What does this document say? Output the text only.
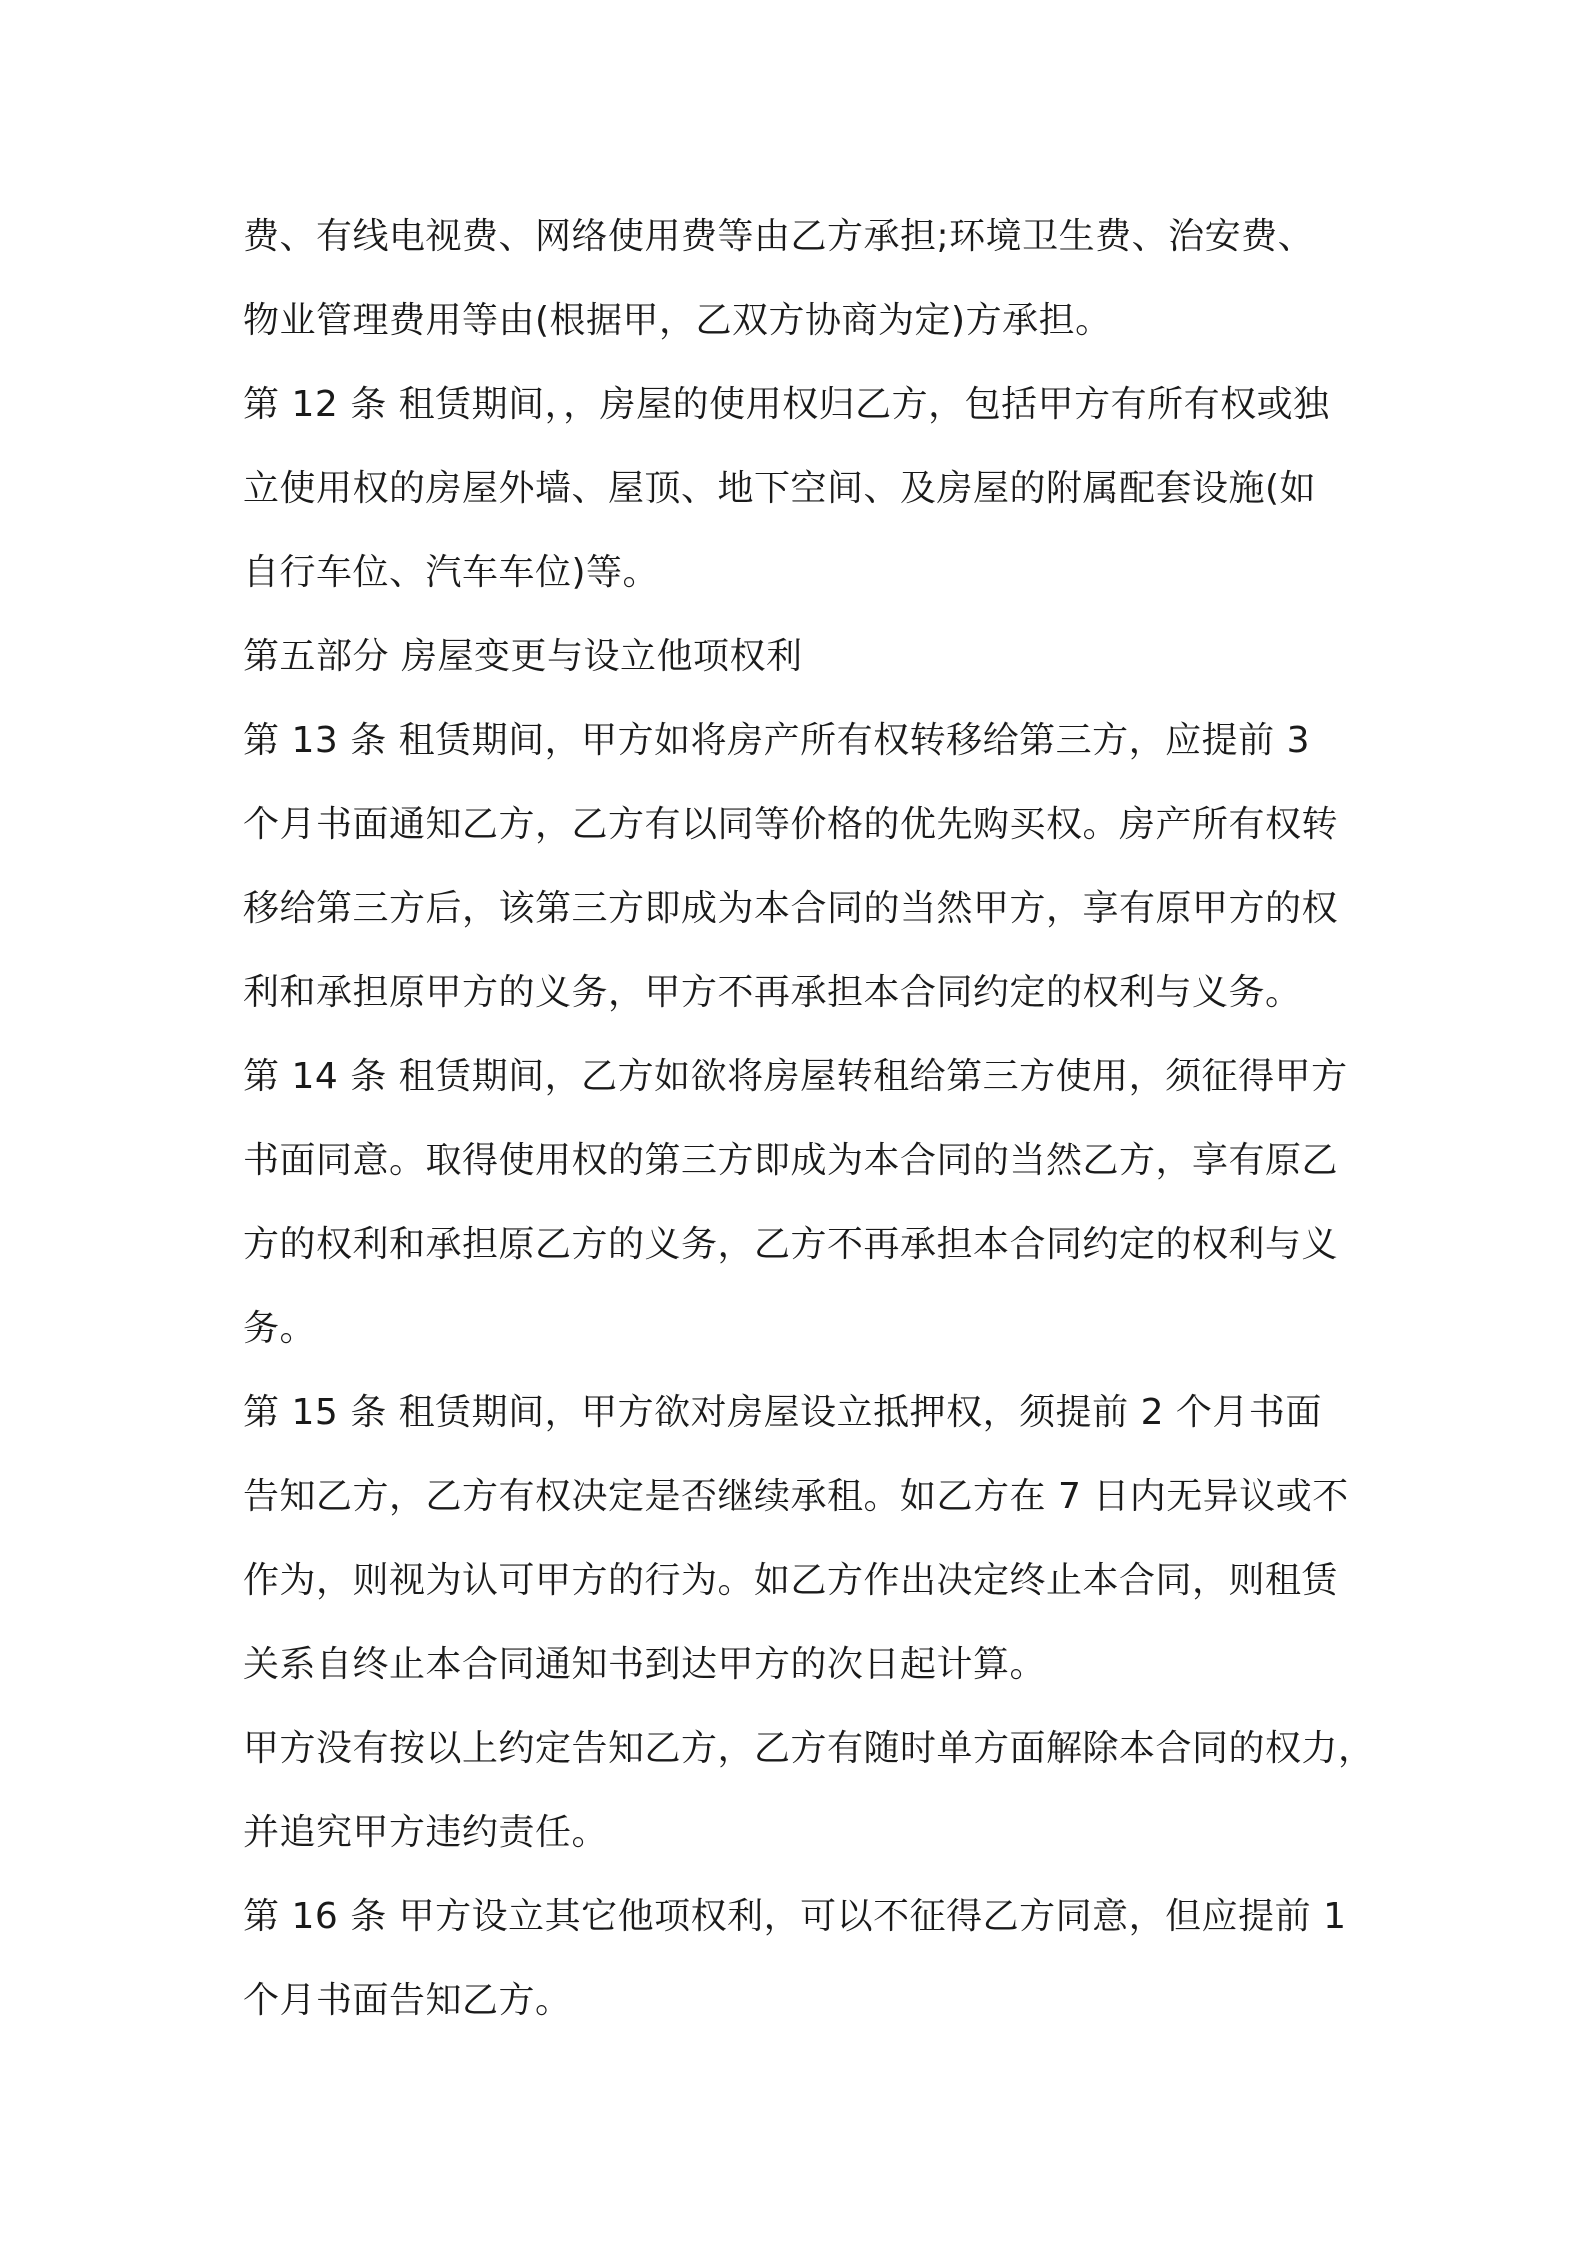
费、有线电视费、网络使用费等由乙方承担;环境卫生费、治安费、
物业管理费用等由(根据甲，乙双方协商为定)方承担。
第 12 条 租赁期间，，房屋的使用权归乙方，包括甲方有所有权或独
立使用权的房屋外墙、屋顶、地下空间、及房屋的附属配套设施(如
自行车位、汽车车位)等。
第五部分 房屋变更与设立他项权利
第 13 条 租赁期间，甲方如将房产所有权转移给第三方，应提前 3
个月书面通知乙方，乙方有以同等价格的优先购买权。房产所有权转
移给第三方后，该第三方即成为本合同的当然甲方，享有原甲方的权
利和承担原甲方的义务，甲方不再承担本合同约定的权利与义务。
第 14 条 租赁期间，乙方如欲将房屋转租给第三方使用，须征得甲方
书面同意。取得使用权的第三方即成为本合同的当然乙方，享有原乙
方的权利和承担原乙方的义务，乙方不再承担本合同约定的权利与义
务。
第 15 条 租赁期间，甲方欲对房屋设立抵押权，须提前 2 个月书面
告知乙方，乙方有权决定是否继续承租。如乙方在 7 日内无异议或不
作为，则视为认可甲方的行为。如乙方作出决定终止本合同，则租赁
关系自终止本合同通知书到达甲方的次日起计算。
甲方没有按以上约定告知乙方，乙方有随时单方面解除本合同的权力，
并追究甲方违约责任。
第 16 条 甲方设立其它他项权利，可以不征得乙方同意，但应提前 1
个月书面告知乙方。
